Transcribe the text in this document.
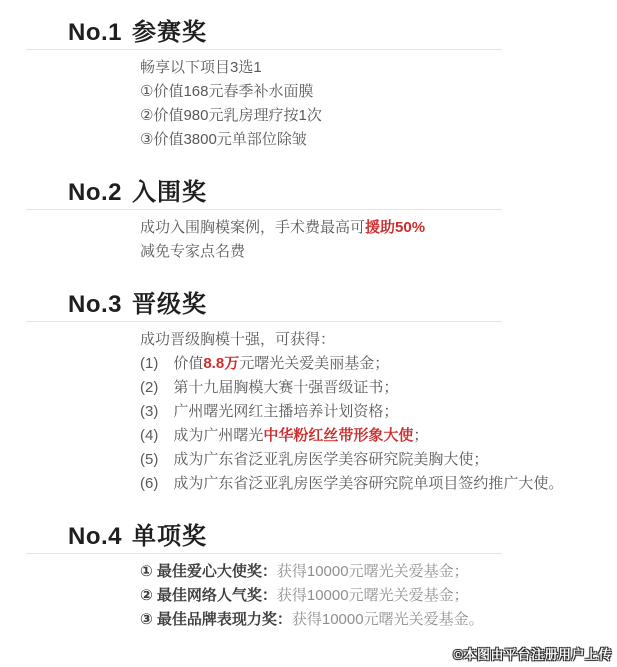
No.1 参赛奖
畅享以下项目3选1
①价值168元春季补水面膜
②价值980元乳房理疗按1次
③价值3800元单部位除皱
No.2 入围奖
成功入围胸模案例，手术费最高可援助50%
减免专家点名费
No.3 晋级奖
成功晋级胸模十强，可获得：
(1)　价值8.8万元曙光关爱美丽基金；
(2)　第十九届胸模大赛十强晋级证书；
(3)　广州曙光网红主播培养计划资格；
(4)　成为广州曙光中华粉红丝带形象大使；
(5)　成为广东省泛亚乳房医学美容研究院美胸大使；
(6)　成为广东省泛亚乳房医学美容研究院单项目签约推广大使。
No.4 单项奖
① 最佳爱心大使奖：获得10000元曙光关爱基金；
② 最佳网络人气奖：获得10000元曙光关爱基金；
③ 最佳品牌表现力奖：获得10000元曙光关爱基金。
©本图由平台注册用户上传
